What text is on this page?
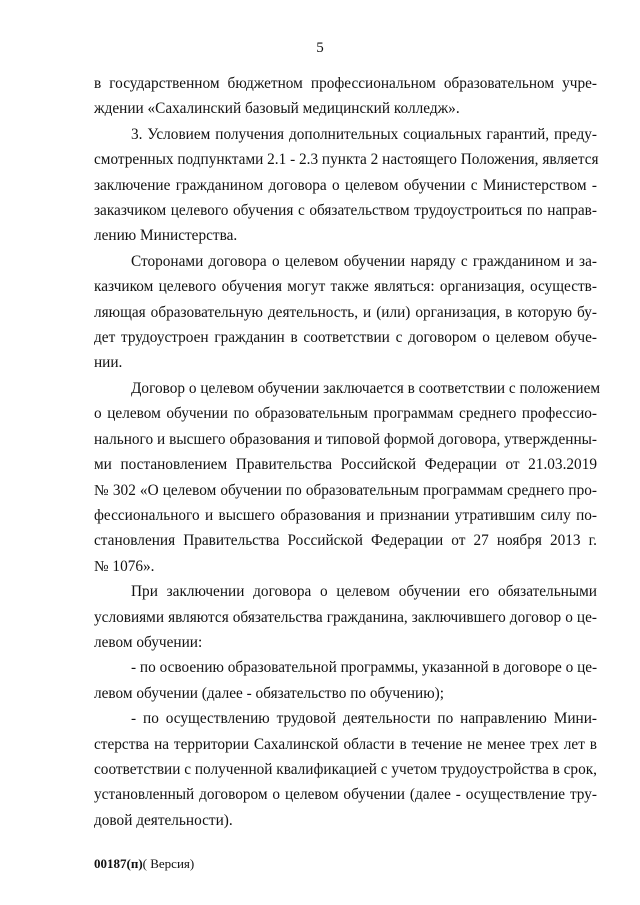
5
в государственном бюджетном профессиональном образовательном учре-
ждении «Сахалинский базовый медицинский колледж».
3. Условием получения дополнительных социальных гарантий, преду-
смотренных подпунктами 2.1 - 2.3 пункта 2 настоящего Положения, является
заключение гражданином договора о целевом обучении с Министерством -
заказчиком целевого обучения с обязательством трудоустроиться по направ-
лению Министерства.
Сторонами договора о целевом обучении наряду с гражданином и за-
казчиком целевого обучения могут также являться: организация, осуществ-
ляющая образовательную деятельность, и (или) организация, в которую бу-
дет трудоустроен гражданин в соответствии с договором о целевом обуче-
нии.
Договор о целевом обучении заключается в соответствии с положением
о целевом обучении по образовательным программам среднего профессио-
нального и высшего образования и типовой формой договора, утвержденны-
ми постановлением Правительства Российской Федерации от 21.03.2019
№ 302 «О целевом обучении по образовательным программам среднего про-
фессионального и высшего образования и признании утратившим силу по-
становления Правительства Российской Федерации от 27 ноября 2013 г.
№ 1076».
При заключении договора о целевом обучении его обязательными
условиями являются обязательства гражданина, заключившего договор о це-
левом обучении:
- по освоению образовательной программы, указанной в договоре о це-
левом обучении (далее - обязательство по обучению);
- по осуществлению трудовой деятельности по направлению Мини-
стерства на территории Сахалинской области в течение не менее трех лет в
соответствии с полученной квалификацией с учетом трудоустройства в срок,
установленный договором о целевом обучении (далее - осуществление тру-
довой деятельности).
00187(п)( Версия)
